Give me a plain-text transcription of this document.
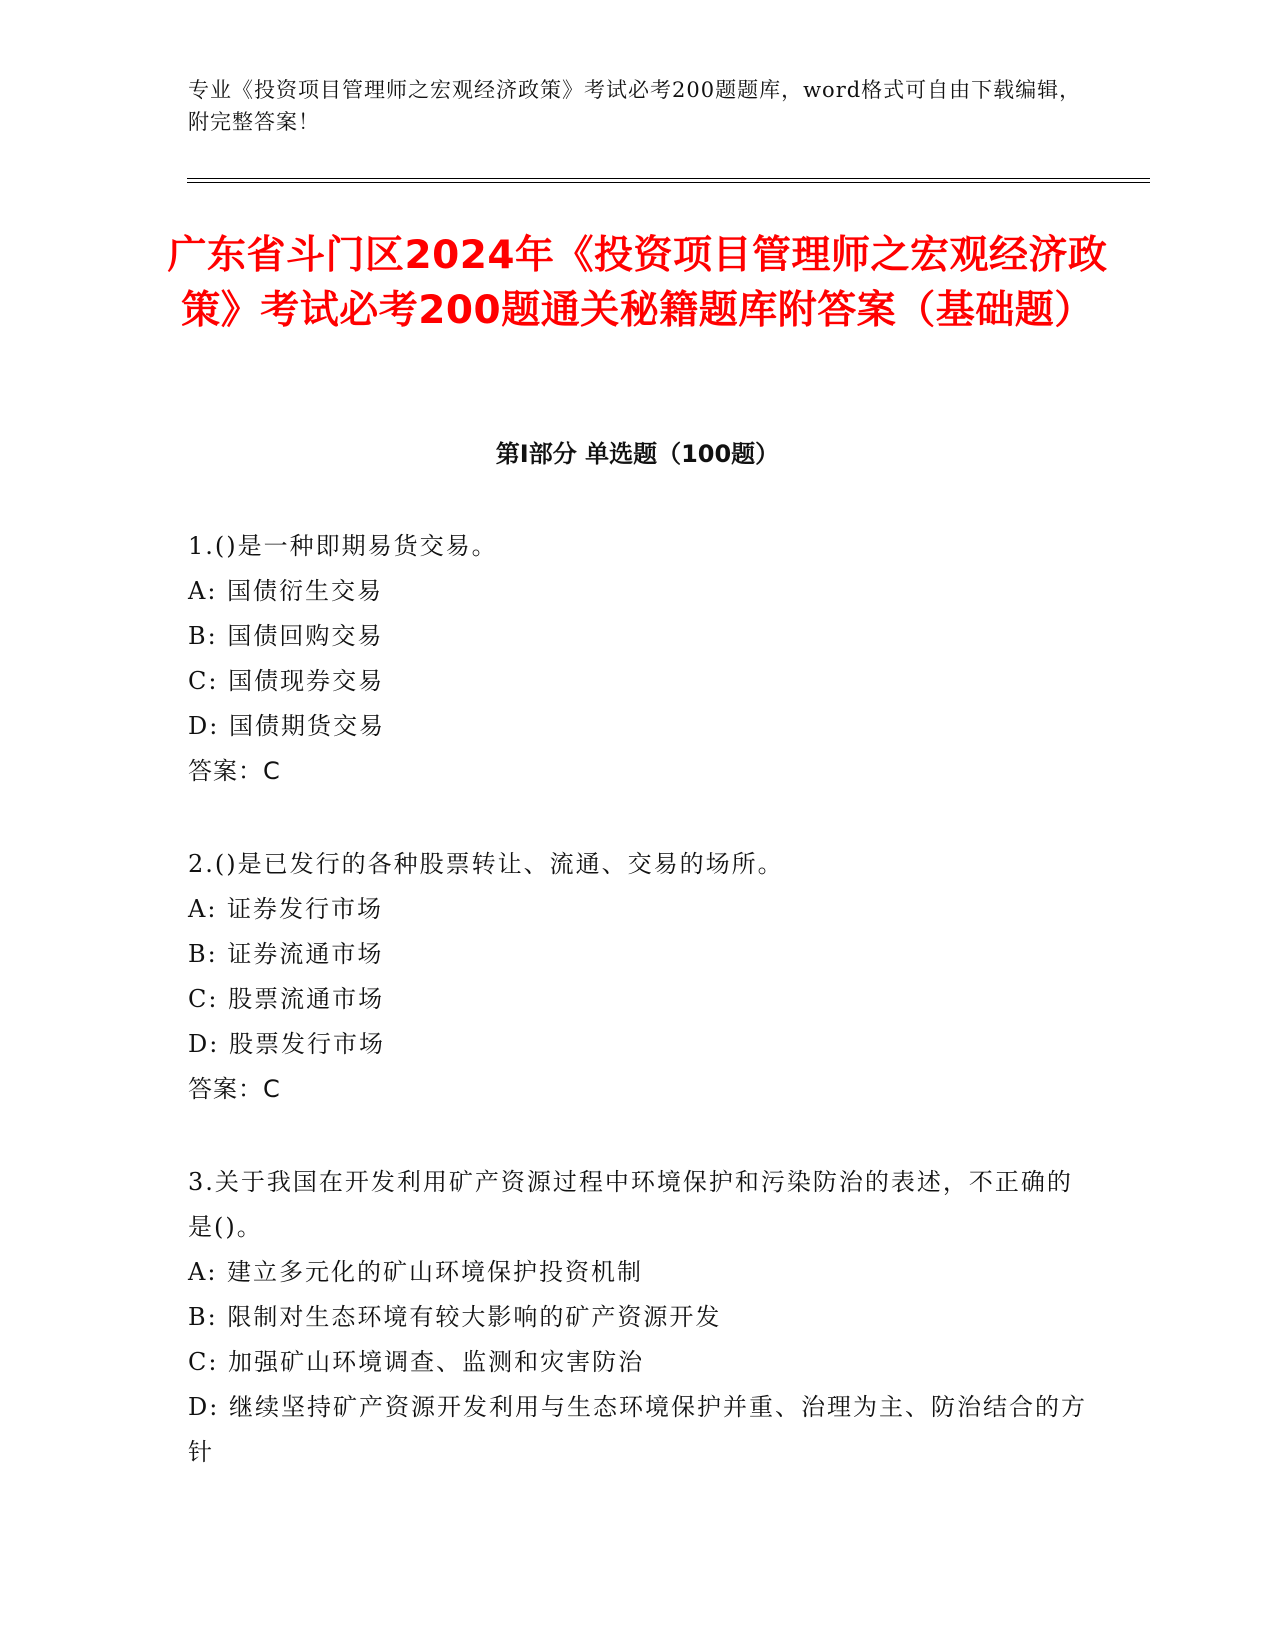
专业《投资项目管理师之宏观经济政策》考试必考200题题库，word格式可自由下载编辑，附完整答案！

广东省斗门区2024年《投资项目管理师之宏观经济政策》考试必考200题通关秘籍题库附答案（基础题）
第Ⅰ部分 单选题（100题）
1.()是一种即期易货交易。
A: 国债衍生交易
B: 国债回购交易
C: 国债现券交易
D: 国债期货交易
答案：C
2.()是已发行的各种股票转让、流通、交易的场所。
A: 证券发行市场
B: 证券流通市场
C: 股票流通市场
D: 股票发行市场
答案：C
3.关于我国在开发利用矿产资源过程中环境保护和污染防治的表述，不正确的是()。
A: 建立多元化的矿山环境保护投资机制
B: 限制对生态环境有较大影响的矿产资源开发
C: 加强矿山环境调查、监测和灾害防治
D: 继续坚持矿产资源开发利用与生态环境保护并重、治理为主、防治结合的方针
